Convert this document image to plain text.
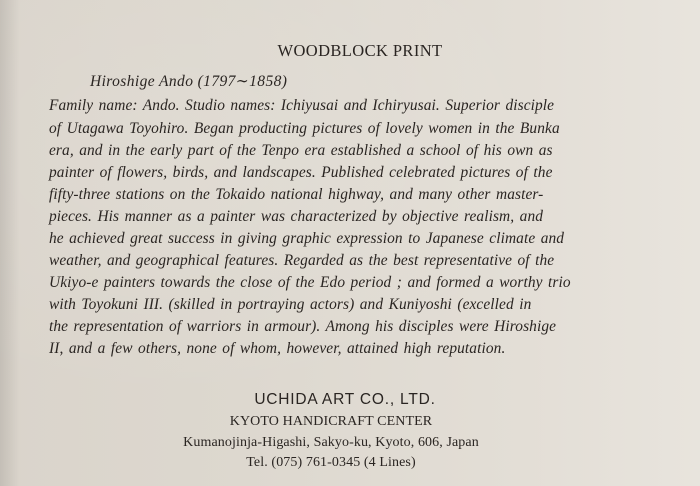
WOODBLOCK PRINT
Hiroshige Ando (1797∼1858)
Family name: Ando. Studio names: Ichiyusai and Ichiryusai. Superior disciple
of Utagawa Toyohiro. Began producting pictures of lovely women in the Bunka
era, and in the early part of the Tenpo era established a school of his own as
painter of flowers, birds, and landscapes. Published celebrated pictures of the
fifty-three stations on the Tokaido national highway, and many other master-
pieces. His manner as a painter was characterized by objective realism, and
he achieved great success in giving graphic expression to Japanese climate and
weather, and geographical features. Regarded as the best representative of the
Ukiyo-e painters towards the close of the Edo period ; and formed a worthy trio
with Toyokuni III. (skilled in portraying actors) and Kuniyoshi (excelled in
the representation of warriors in armour). Among his disciples were Hiroshige
II, and a few others, none of whom, however, attained high reputation.
UCHIDA ART CO., LTD.
KYOTO HANDICRAFT CENTER
Kumanojinja-Higashi, Sakyo-ku, Kyoto, 606, Japan
Tel. (075) 761-0345 (4 Lines)
